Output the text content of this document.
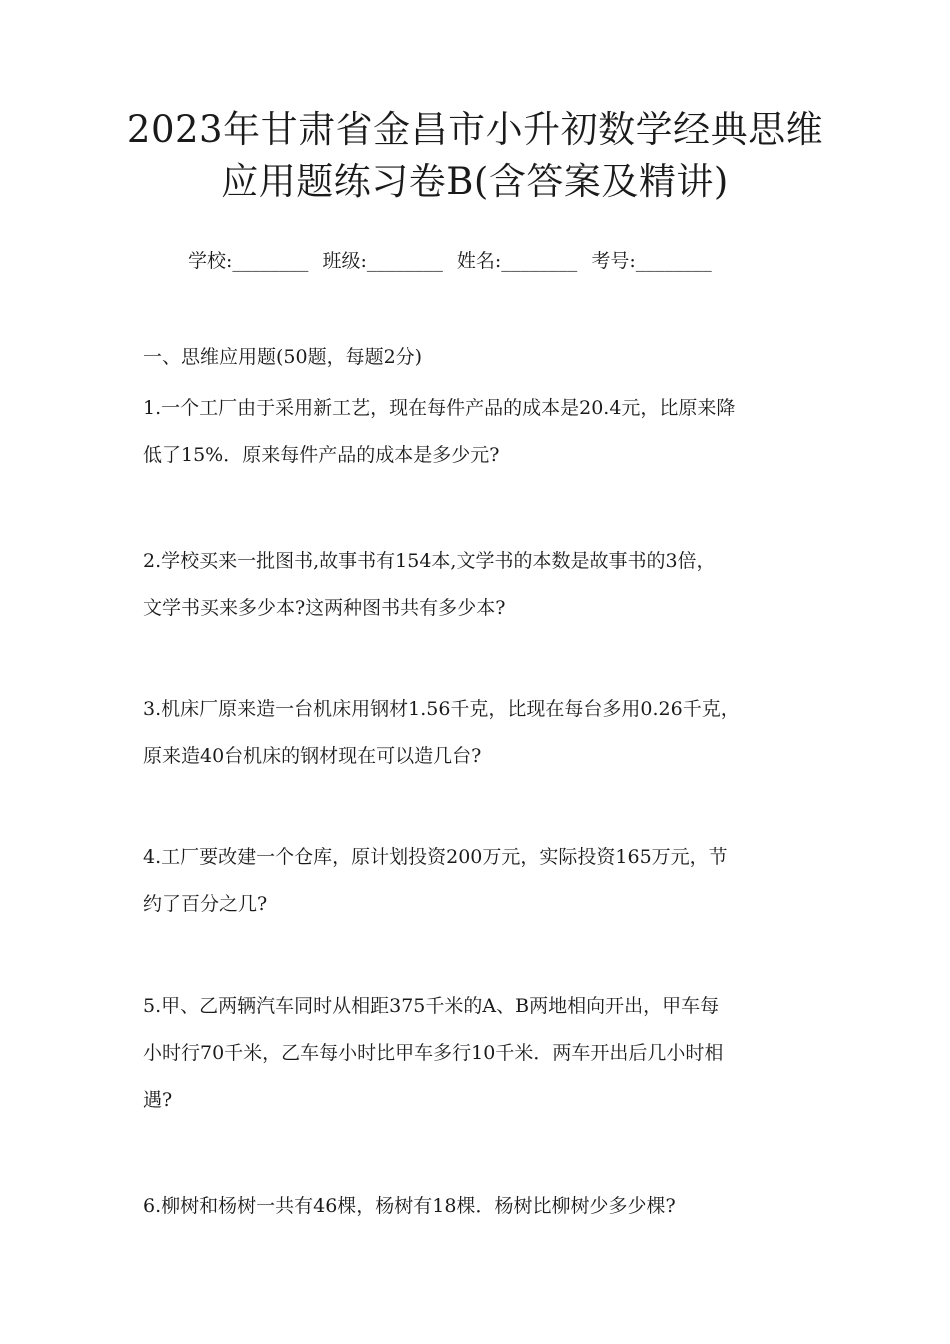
2023年甘肃省金昌市小升初数学经典思维
应用题练习卷B(含答案及精讲)
学校:________ 班级:________ 姓名:________ 考号:________
一、思维应用题(50题，每题2分)
1.一个工厂由于采用新工艺，现在每件产品的成本是20.4元，比原来降
低了15%．原来每件产品的成本是多少元?
2.学校买来一批图书,故事书有154本,文学书的本数是故事书的3倍，
文学书买来多少本?这两种图书共有多少本?
3.机床厂原来造一台机床用钢材1.56千克，比现在每台多用0.26千克，
原来造40台机床的钢材现在可以造几台?
4.工厂要改建一个仓库，原计划投资200万元，实际投资165万元，节
约了百分之几?
5.甲、乙两辆汽车同时从相距375千米的A、B两地相向开出，甲车每
小时行70千米，乙车每小时比甲车多行10千米．两车开出后几小时相
遇?
6.柳树和杨树一共有46棵，杨树有18棵．杨树比柳树少多少棵?
